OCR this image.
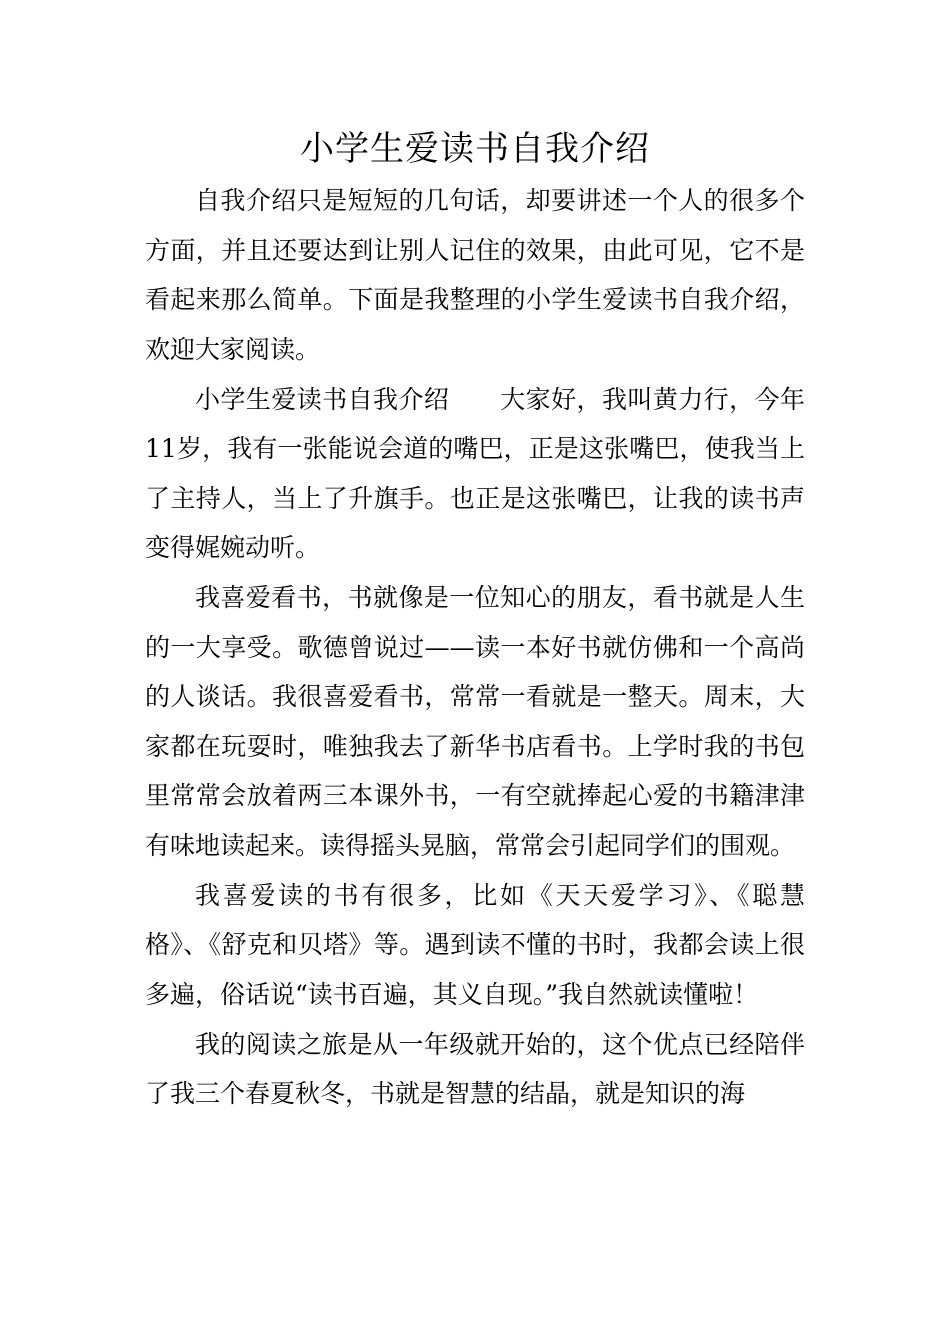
小学生爱读书自我介绍

自我介绍只是短短的几句话，却要讲述一个人的很多个方面，并且还要达到让别人记住的效果，由此可见，它不是看起来那么简单。下面是我整理的小学生爱读书自我介绍，欢迎大家阅读。

小学生爱读书自我介绍　　大家好，我叫黄力行，今年11岁，我有一张能说会道的嘴巴，正是这张嘴巴，使我当上了主持人，当上了升旗手。也正是这张嘴巴，让我的读书声变得娓婉动听。

我喜爱看书，书就像是一位知心的朋友，看书就是人生的一大享受。歌德曾说过——读一本好书就仿佛和一个高尚的人谈话。我很喜爱看书，常常一看就是一整天。周末，大家都在玩耍时，唯独我去了新华书店看书。上学时我的书包里常常会放着两三本课外书，一有空就捧起心爱的书籍津津有味地读起来。读得摇头晃脑，常常会引起同学们的围观。

我喜爱读的书有很多，比如《天天爱学习》、《聪慧格》、《舒克和贝塔》等。遇到读不懂的书时，我都会读上很多遍，俗话说“读书百遍，其义自现。”我自然就读懂啦！

我的阅读之旅是从一年级就开始的，这个优点已经陪伴了我三个春夏秋冬，书就是智慧的结晶，就是知识的海
